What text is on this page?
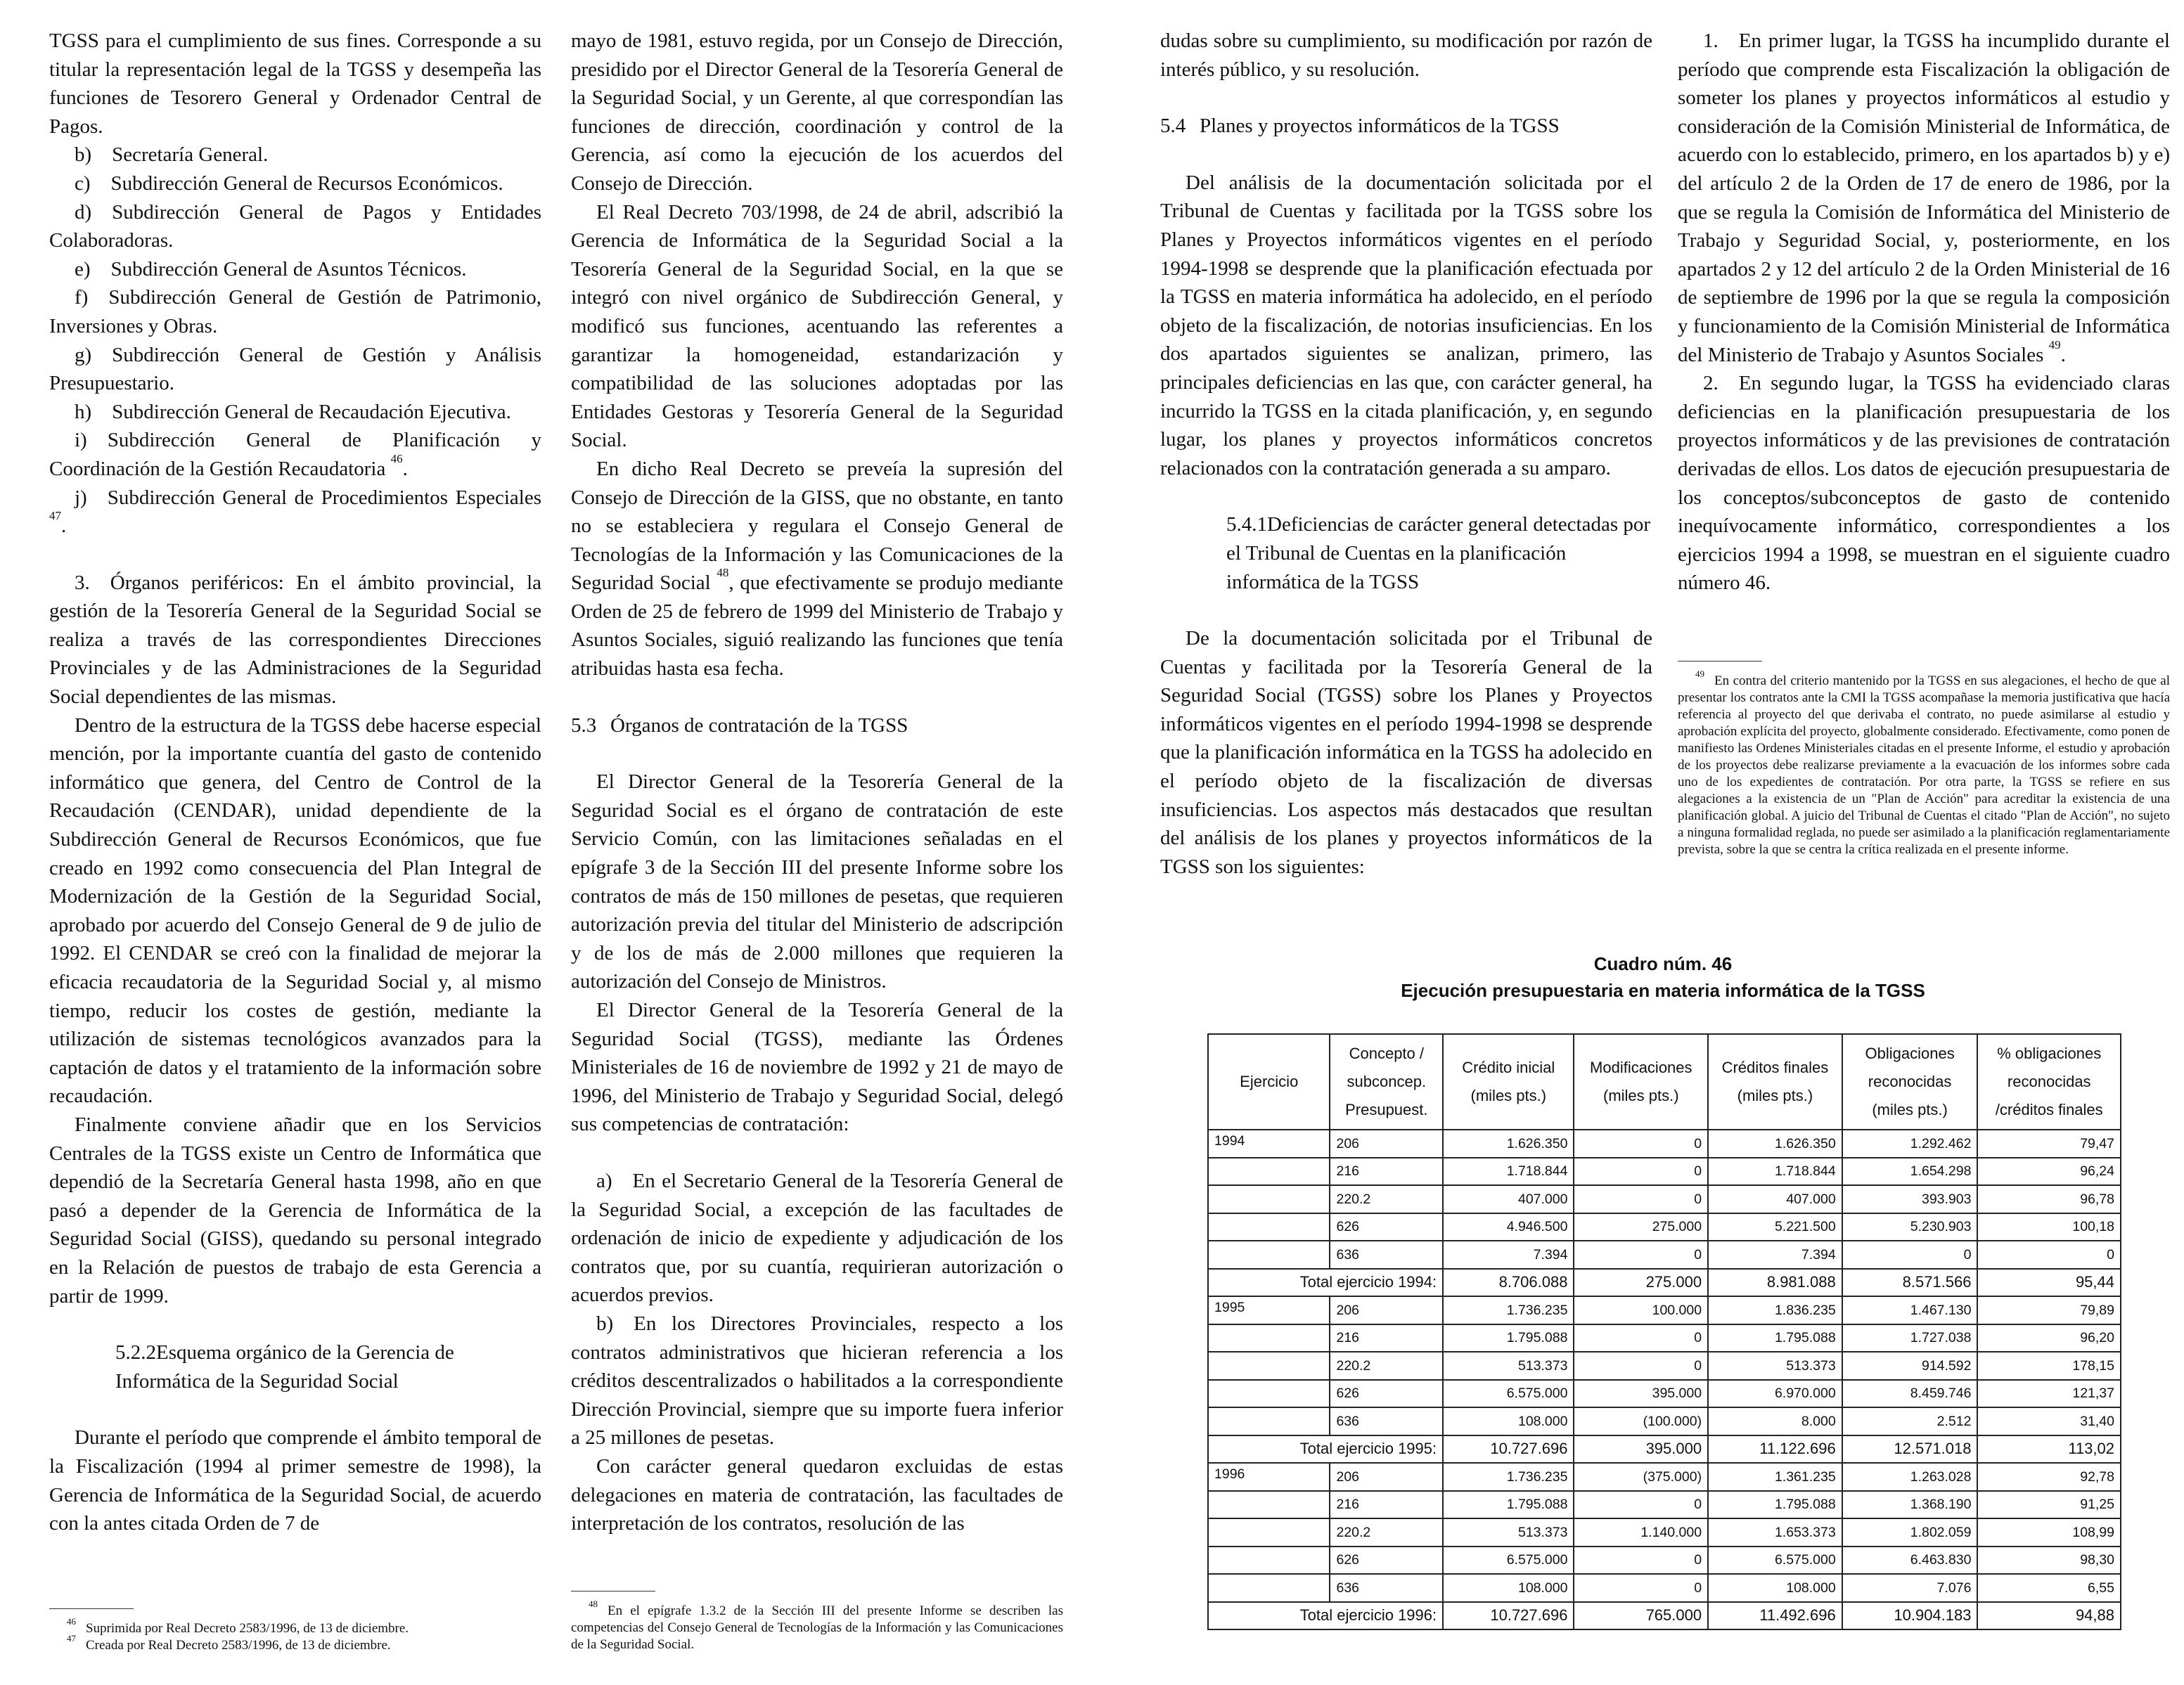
TGSS para el cumplimiento de sus fines. Corresponde a su titular la representación legal de la TGSS y desempeña las funciones de Tesorero General y Ordenador Central de Pagos.

b) Secretaría General.

c) Subdirección General de Recursos Económicos.

d) Subdirección General de Pagos y Entidades Colaboradoras.

e) Subdirección General de Asuntos Técnicos.

f) Subdirección General de Gestión de Patrimonio, Inversiones y Obras.

g) Subdirección General de Gestión y Análisis Presupuestario.

h) Subdirección General de Recaudación Ejecutiva.

i) Subdirección General de Planificación y Coordinación de la Gestión Recaudatoria $^{46}$.

j) Subdirección General de Procedimientos Especiales $^{47}$.

3. Órganos periféricos: En el ámbito provincial, la gestión de la Tesorería General de la Seguridad Social se realiza a través de las correspondientes Direcciones Provinciales y de las Administraciones de la Seguridad Social dependientes de las mismas.

Dentro de la estructura de la TGSS debe hacerse especial mención, por la importante cuantía del gasto de contenido informático que genera, del Centro de Control de la Recaudación (CENDAR), unidad dependiente de la Subdirección General de Recursos Económicos, que fue creado en 1992 como consecuencia del Plan Integral de Modernización de la Gestión de la Seguridad Social, aprobado por acuerdo del Consejo General de 9 de julio de 1992. El CENDAR se creó con la finalidad de mejorar la eficacia recaudatoria de la Seguridad Social y, al mismo tiempo, reducir los costes de gestión, mediante la utilización de sistemas tecnológicos avanzados para la captación de datos y el tratamiento de la información sobre recaudación.

Finalmente conviene añadir que en los Servicios Centrales de la TGSS existe un Centro de Informática que dependió de la Secretaría General hasta 1998, año en que pasó a depender de la Gerencia de Informática de la Seguridad Social (GISS), quedando su personal integrado en la Relación de puestos de trabajo de esta Gerencia a partir de 1999.

5.2.2Esquema orgánico de la Gerencia de Informática de la Seguridad Social

Durante el período que comprende el ámbito temporal de la Fiscalización (1994 al primer semestre de 1998), la Gerencia de Informática de la Seguridad Social, de acuerdo con la antes citada Orden de 7 de

$^{46}$ Suprimida por Real Decreto 2583/1996, de 13 de diciembre.

$^{47}$ Creada por Real Decreto 2583/1996, de 13 de diciembre.

mayo de 1981, estuvo regida, por un Consejo de Dirección, presidido por el Director General de la Tesorería General de la Seguridad Social, y un Gerente, al que correspondían las funciones de dirección, coordinación y control de la Gerencia, así como la ejecución de los acuerdos del Consejo de Dirección.

El Real Decreto 703/1998, de 24 de abril, adscribió la Gerencia de Informática de la Seguridad Social a la Tesorería General de la Seguridad Social, en la que se integró con nivel orgánico de Subdirección General, y modificó sus funciones, acentuando las referentes a garantizar la homogeneidad, estandarización y compatibilidad de las soluciones adoptadas por las Entidades Gestoras y Tesorería General de la Seguridad Social.

En dicho Real Decreto se preveía la supresión del Consejo de Dirección de la GISS, que no obstante, en tanto no se estableciera y regulara el Consejo General de Tecnologías de la Información y las Comunicaciones de la Seguridad Social $^{48}$, que efectivamente se produjo mediante Orden de 25 de febrero de 1999 del Ministerio de Trabajo y Asuntos Sociales, siguió realizando las funciones que tenía atribuidas hasta esa fecha.

5.3 Órganos de contratación de la TGSS

El Director General de la Tesorería General de la Seguridad Social es el órgano de contratación de este Servicio Común, con las limitaciones señaladas en el epígrafe 3 de la Sección III del presente Informe sobre los contratos de más de 150 millones de pesetas, que requieren autorización previa del titular del Ministerio de adscripción y de los de más de 2.000 millones que requieren la autorización del Consejo de Ministros.

El Director General de la Tesorería General de la Seguridad Social (TGSS), mediante las Órdenes Ministeriales de 16 de noviembre de 1992 y 21 de mayo de 1996, del Ministerio de Trabajo y Seguridad Social, delegó sus competencias de contratación:

a) En el Secretario General de la Tesorería General de la Seguridad Social, a excepción de las facultades de ordenación de inicio de expediente y adjudicación de los contratos que, por su cuantía, requirieran autorización o acuerdos previos.

b) En los Directores Provinciales, respecto a los contratos administrativos que hicieran referencia a los créditos descentralizados o habilitados a la correspondiente Dirección Provincial, siempre que su importe fuera inferior a 25 millones de pesetas.

Con carácter general quedaron excluidas de estas delegaciones en materia de contratación, las facultades de interpretación de los contratos, resolución de las

$^{48}$ En el epígrafe 1.3.2 de la Sección III del presente Informe se describen las competencias del Consejo General de Tecnologías de la Información y las Comunicaciones de la Seguridad Social.

dudas sobre su cumplimiento, su modificación por razón de interés público, y su resolución.

5.4 Planes y proyectos informáticos de la TGSS

Del análisis de la documentación solicitada por el Tribunal de Cuentas y facilitada por la TGSS sobre los Planes y Proyectos informáticos vigentes en el período 1994-1998 se desprende que la planificación efectuada por la TGSS en materia informática ha adolecido, en el período objeto de la fiscalización, de notorias insuficiencias. En los dos apartados siguientes se analizan, primero, las principales deficiencias en las que, con carácter general, ha incurrido la TGSS en la citada planificación, y, en segundo lugar, los planes y proyectos informáticos concretos relacionados con la contratación generada a su amparo.

5.4.1Deficiencias de carácter general detectadas por el Tribunal de Cuentas en la planificación informática de la TGSS

De la documentación solicitada por el Tribunal de Cuentas y facilitada por la Tesorería General de la Seguridad Social (TGSS) sobre los Planes y Proyectos informáticos vigentes en el período 1994-1998 se desprende que la planificación informática en la TGSS ha adolecido en el período objeto de la fiscalización de diversas insuficiencias. Los aspectos más destacados que resultan del análisis de los planes y proyectos informáticos de la TGSS son los siguientes:

1. En primer lugar, la TGSS ha incumplido durante el período que comprende esta Fiscalización la obligación de someter los planes y proyectos informáticos al estudio y consideración de la Comisión Ministerial de Informática, de acuerdo con lo establecido, primero, en los apartados b) y e) del artículo 2 de la Orden de 17 de enero de 1986, por la que se regula la Comisión de Informática del Ministerio de Trabajo y Seguridad Social, y, posteriormente, en los apartados 2 y 12 del artículo 2 de la Orden Ministerial de 16 de septiembre de 1996 por la que se regula la composición y funcionamiento de la Comisión Ministerial de Informática del Ministerio de Trabajo y Asuntos Sociales $^{49}$.

2. En segundo lugar, la TGSS ha evidenciado claras deficiencias en la planificación presupuestaria de los proyectos informáticos y de las previsiones de contratación derivadas de ellos. Los datos de ejecución presupuestaria de los conceptos/subconceptos de gasto de contenido inequívocamente informático, correspondientes a los ejercicios 1994 a 1998, se muestran en el siguiente cuadro número 46.

$^{49}$ En contra del criterio mantenido por la TGSS en sus alegaciones, el hecho de que al presentar los contratos ante la CMI la TGSS acompañase la memoria justificativa que hacía referencia al proyecto del que derivaba el contrato, no puede asimilarse al estudio y aprobación explícita del proyecto, globalmente considerado. Efectivamente, como ponen de manifiesto las Ordenes Ministeriales citadas en el presente Informe, el estudio y aprobación de los proyectos debe realizarse previamente a la evacuación de los informes sobre cada uno de los expedientes de contratación. Por otra parte, la TGSS se refiere en sus alegaciones a la existencia de un "Plan de Acción" para acreditar la existencia de una planificación global. A juicio del Tribunal de Cuentas el citado "Plan de Acción", no sujeto a ninguna formalidad reglada, no puede ser asimilado a la planificación reglamentariamente prevista, sobre la que se centra la crítica realizada en el presente informe.

Cuadro núm. 46
Ejecución presupuestaria en materia informática de la TGSS
Ejercicio	Concepto / subconcep. Presupuest.	Crédito inicial (miles pts.)	Modificaciones (miles pts.)	Créditos finales (miles pts.)	Obligaciones reconocidas (miles pts.)	% obligaciones reconocidas /créditos finales
1994	206	1.626.350	0	1.626.350	1.292.462	79,47
	216	1.718.844	0	1.718.844	1.654.298	96,24
	220.2	407.000	0	407.000	393.903	96,78
	626	4.946.500	275.000	5.221.500	5.230.903	100,18
	636	7.394	0	7.394	0	0
Total ejercicio 1994:		8.706.088	275.000	8.981.088	8.571.566	95,44
1995	206	1.736.235	100.000	1.836.235	1.467.130	79,89
	216	1.795.088	0	1.795.088	1.727.038	96,20
	220.2	513.373	0	513.373	914.592	178,15
	626	6.575.000	395.000	6.970.000	8.459.746	121,37
	636	108.000	(100.000)	8.000	2.512	31,40
Total ejercicio 1995:		10.727.696	395.000	11.122.696	12.571.018	113,02
1996	206	1.736.235	(375.000)	1.361.235	1.263.028	92,78
	216	1.795.088	0	1.795.088	1.368.190	91,25
	220.2	513.373	1.140.000	1.653.373	1.802.059	108,99
	626	6.575.000	0	6.575.000	6.463.830	98,30
	636	108.000	0	108.000	7.076	6,55
Total ejercicio 1996:		10.727.696	765.000	11.492.696	10.904.183	94,88
